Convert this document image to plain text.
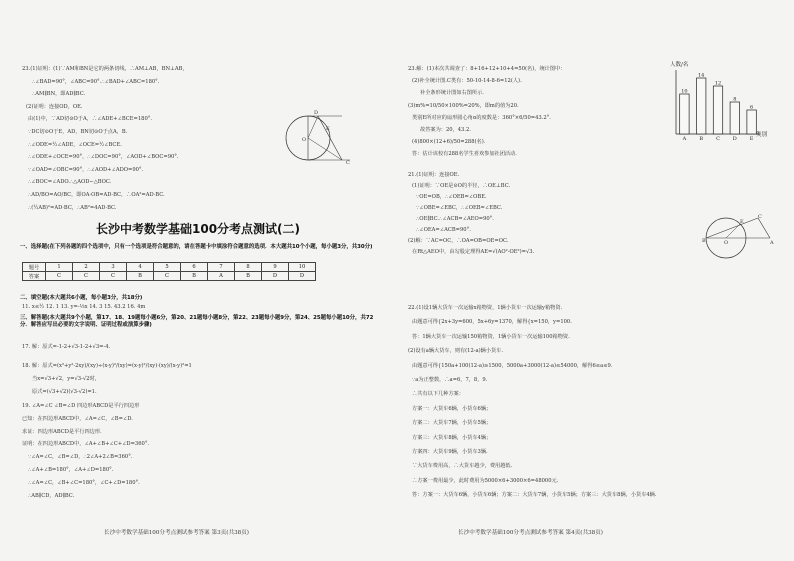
23.(1)证明：(1)∵AM和BN是它的两条切线，∴AM⊥AB，BN⊥AB，
∴∠BAD=90°，∠ABC=90°.∴∠BAD+∠ABC=180°.
∴AM∥BN，即AD∥BC.
(2)证明：连接OD，OE.
由(1)中，∵AD切⊙O于A，∴∠ADE+∠BCE=180°.
∵DC切⊙O于E，AD，BN切⊙O于点A，B.
∴∠ODE=½∠ADE，∠OCE=½∠BCE.
∴∠ODE+∠OCE=90°，∴∠DOC=90°，∠AOD+∠BOC=90°.
∵∠OAD=∠OBC=90°，∴∠AOD+∠ADO=90°.
∴∠BOC=∠ADO.∴△AOD∽△BOC.
∴AD/BO=AO/BC，即OA·OB=AD·BC，∴OA²=AD·BC.
∴(½AB)²=AD·BC，∴AB²=4AD·BC.
D
E
C
O
长沙中考数学基础100分考点测试(二)
一、选择题(在下列各题的四个选项中，只有一个选项是符合题意的，请在答题卡中填涂符合题意的选项．本大题共10个小题，每小题3分，共30分)
题号	1	2	3	4	5	6	7	8	9	10
答案	C	C	C	B	C	B	A	B	D	D
二、填空题(本大题共6小题，每小题3分，共18分)
11. x≤½ 12. 1 13. y=-⅓x 14. 3 15. 43.2 16. 4m
三、解答题(本大题共9个小题，第17、18、19题每小题6分，第20、21题每小题8分，第22、23题每小题9分，第24、25题每小题10分，共72分．解答应写出必要的文字说明、证明过程或演算步骤)
17. 解：原式=-1-2+√3-1-2+√3=-4.
18. 解：原式=(x²+y²-2xy)/(xy)÷(x-y)²/(xy)=(x-y)²/(xy)·(xy)/(x-y)²=1
当x=√3+√2，y=√3-√2时，
原式=(√3+√2)(√3-√2)=1.
19. ∠A=∠C ∠B=∠D 四边形ABCD是平行四边形
已知：在四边形ABCD中，∠A=∠C，∠B=∠D.
求证：四边形ABCD是平行四边形.
证明：在四边形ABCD中，∠A+∠B+∠C+∠D=360°.
∵∠A=∠C，∠B=∠D，∴2∠A+2∠B=360°.
∴∠A+∠B=180°，∠A+∠D=180°.
∴∠A=∠C，∠B+∠C=180°，∠C+∠D=180°.
∴AB∥CD，AD∥BC.
长沙中考数学基础100分考点测试参考答案 第3页(共38页)
23.解：(1)本次共调查了：8+16+12+10+4=50(名)，统计图中：
(2)补全统计图.C类有：50-10-14-8-6=12(人).
补全条形统计图如右图所示.
(3)m%=10/50×100%=20%，即m的值为20.
类别E所对应的扇形圆心角α的度数是：360°×6/50=43.2°.
故答案为：20，43.2.
(4)800×(12+6)/50=288(名).
答：估计该校有288名学生喜欢参加社团活动.
人数/名
类别
10
A
14
B
12
C
8
D
6
E
21.(1)证明：连接OE.
(1)证明：∵OE是⊙O的半径，∴OE⊥BC.
∵OE=OB，∴∠OEB=∠OBE.
∵∠OBE=∠EBC，∴∠OEB=∠EBC.
∴OE∥BC.∴∠ACB=∠AEO=90°.
∴∠OEA=∠ACB=90°.
(2)解：∵AC=OC，∴OA=OB=OE=OC.
在Rt△AEO中，由勾股定理得AE=√(AO²-OE²)=√3.
B	O	A
C
E
22.(1)设1辆大货车一次运输x箱物资，1辆小货车一次运输y箱物资.
由题意可得{2x+3y=600，5x+6y=1370，解得{x=150，y=100.
答：1辆大货车一次运输150箱物资，1辆小货车一次运输100箱物资.
(2)设有a辆大货车，则有(12-a)辆小货车.
由题意可得{150a+100(12-a)≥1500，5000a+3000(12-a)≤54000，解得6≤a≤9.
∵a为正整数，∴a=6，7，8，9.
∴共有以下几种方案：
方案一：大货车6辆，小货车6辆；
方案二：大货车7辆，小货车5辆；
方案三：大货车8辆，小货车4辆；
方案四：大货车9辆，小货车3辆.
∵大货车费用高，∴大货车越少，费用越低.
∴方案一费用最少，此时费用为5000×6+3000×6=48000元.
答：方案一：大货车6辆，小货车6辆；方案二：大货车7辆，小货车5辆；方案三：大货车8辆，小货车4辆.
长沙中考数学基础100分考点测试参考答案 第4页(共38页)
